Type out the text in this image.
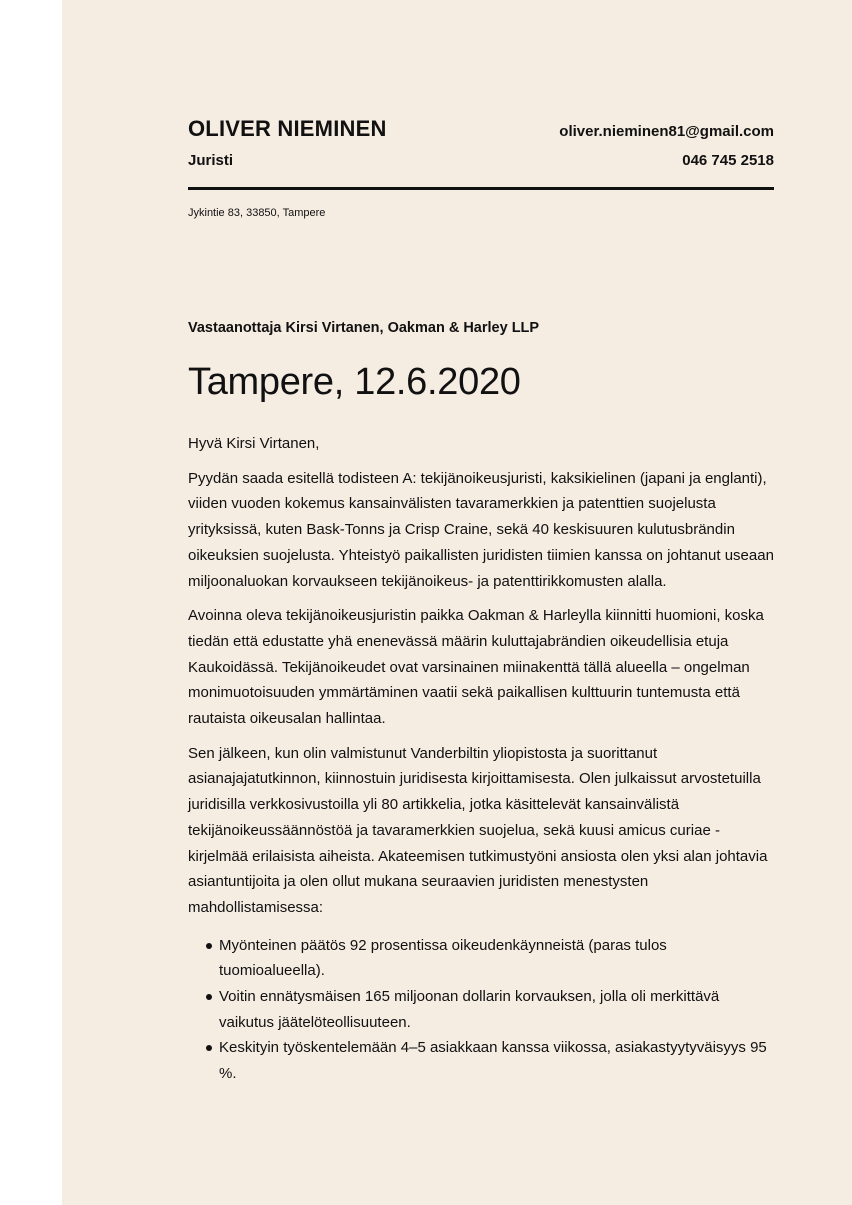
OLIVER NIEMINEN
Juristi
oliver.nieminen81@gmail.com
046 745 2518
Jykintie 83, 33850, Tampere
Vastaanottaja Kirsi Virtanen, Oakman & Harley LLP
Tampere, 12.6.2020

Hyvä Kirsi Virtanen,

Pyydän saada esitellä todisteen A: tekijänoikeusjuristi, kaksikielinen (japani ja englanti), viiden vuoden kokemus kansainvälisten tavaramerkkien ja patenttien suojelusta yrityksissä, kuten Bask-Tonns ja Crisp Craine, sekä 40 keskisuuren kulutusbrändin oikeuksien suojelusta. Yhteistyö paikallisten juridisten tiimien kanssa on johtanut useaan miljoonaluokan korvaukseen tekijänoikeus- ja patenttirikkomusten alalla.

Avoinna oleva tekijänoikeusjuristin paikka Oakman & Harleylla kiinnitti huomioni, koska tiedän että edustatte yhä enenevässä määrin kuluttajabrändien oikeudellisia etuja Kaukoidässä. Tekijänoikeudet ovat varsinainen miinakenttä tällä alueella – ongelman monimuotoisuuden ymmärtäminen vaatii sekä paikallisen kulttuurin tuntemusta että rautaista oikeusalan hallintaa.

Sen jälkeen, kun olin valmistunut Vanderbiltin yliopistosta ja suorittanut asianajajatutkinnon, kiinnostuin juridisesta kirjoittamisesta. Olen julkaissut arvostetuilla juridisilla verkkosivustoilla yli 80 artikkelia, jotka käsittelevät kansainvälistä tekijänoikeussäännöstöä ja tavaramerkkien suojelua, sekä kuusi amicus curiae -kirjelmää erilaisista aiheista. Akateemisen tutkimustyöni ansiosta olen yksi alan johtavia asiantuntijoita ja olen ollut mukana seuraavien juridisten menestysten mahdollistamisessa:

Myönteinen päätös 92 prosentissa oikeudenkäynneistä (paras tulos tuomioalueella).
Voitin ennätysmäisen 165 miljoonan dollarin korvauksen, jolla oli merkittävä vaikutus jäätelöteollisuuteen.
Keskityin työskentelemään 4–5 asiakkaan kanssa viikossa, asiakastyytyväisyys 95 %.
